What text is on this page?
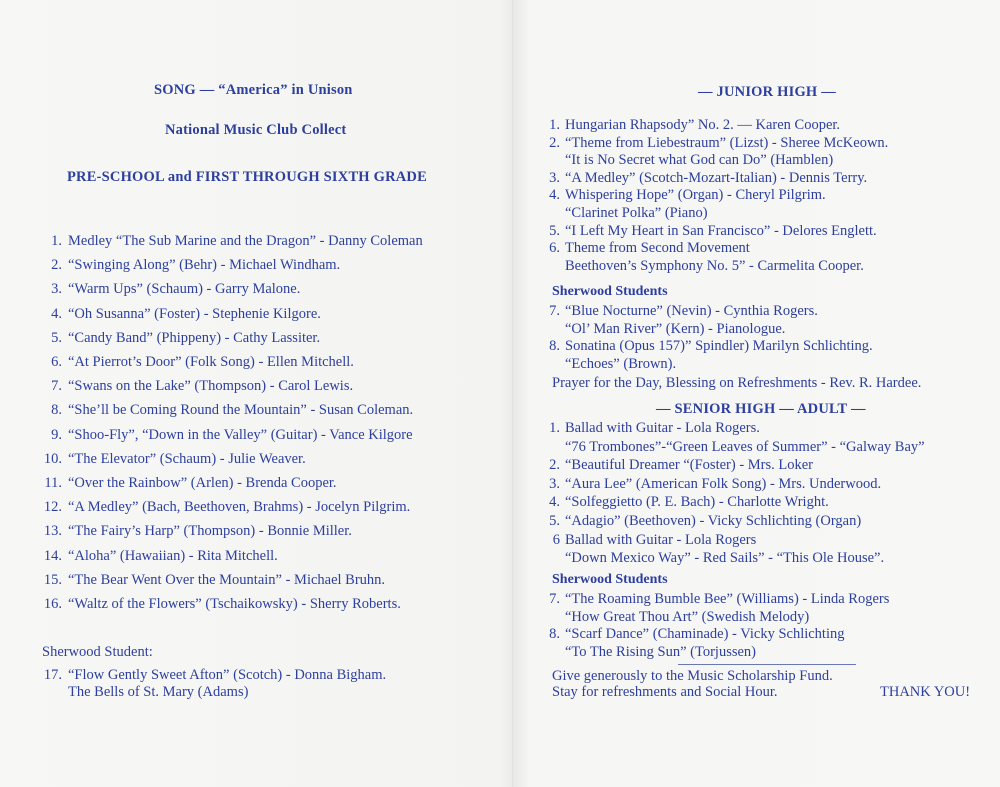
SONG — “America” in Unison
National Music Club Collect
PRE-SCHOOL and FIRST THROUGH SIXTH GRADE
1. Medley “The Sub Marine and the Dragon” - Danny Coleman
2. “Swinging Along” (Behr) - Michael Windham.
3. “Warm Ups” (Schaum) - Garry Malone.
4. “Oh Susanna” (Foster) - Stephenie Kilgore.
5. “Candy Band” (Phippeny) - Cathy Lassiter.
6. “At Pierrot’s Door” (Folk Song) - Ellen Mitchell.
7. “Swans on the Lake” (Thompson) - Carol Lewis.
8. “She’ll be Coming Round the Mountain” - Susan Coleman.
9. “Shoo-Fly”, “Down in the Valley” (Guitar) - Vance Kilgore
10. “The Elevator” (Schaum) - Julie Weaver.
11. “Over the Rainbow” (Arlen) - Brenda Cooper.
12. “A Medley” (Bach, Beethoven, Brahms) - Jocelyn Pilgrim.
13. “The Fairy’s Harp” (Thompson) - Bonnie Miller.
14. “Aloha” (Hawaiian) - Rita Mitchell.
15. “The Bear Went Over the Mountain” - Michael Bruhn.
16. “Waltz of the Flowers” (Tschaikowsky) - Sherry Roberts.
Sherwood Student:
17. “Flow Gently Sweet Afton” (Scotch) - Donna Bigham.
The Bells of St. Mary (Adams)
— JUNIOR HIGH —
1. Hungarian Rhapsody” No. 2. — Karen Cooper.
2. “Theme from Liebestraum” (Lizst) - Sheree McKeown.
“It is No Secret what God can Do” (Hamblen)
3. “A Medley” (Scotch-Mozart-Italian) - Dennis Terry.
4. Whispering Hope” (Organ) - Cheryl Pilgrim.
“Clarinet Polka” (Piano)
5. “I Left My Heart in San Francisco” - Delores Englett.
6. Theme from Second Movement
Beethoven’s Symphony No. 5” - Carmelita Cooper.
Sherwood Students
7. “Blue Nocturne” (Nevin) - Cynthia Rogers.
“Ol’ Man River” (Kern) - Pianologue.
8. Sonatina (Opus 157)” Spindler) Marilyn Schlichting.
“Echoes” (Brown).
Prayer for the Day, Blessing on Refreshments - Rev. R. Hardee.
— SENIOR HIGH — ADULT —
1. Ballad with Guitar - Lola Rogers.
“76 Trombones”-“Green Leaves of Summer” - “Galway Bay”
2. “Beautiful Dreamer “(Foster) - Mrs. Loker
3. “Aura Lee” (American Folk Song) - Mrs. Underwood.
4. “Solfeggietto (P. E. Bach) - Charlotte Wright.
5. “Adagio” (Beethoven) - Vicky Schlichting (Organ)
6 Ballad with Guitar - Lola Rogers
“Down Mexico Way” - Red Sails” - “This Ole House”.
Sherwood Students
7. “The Roaming Bumble Bee” (Williams) - Linda Rogers
“How Great Thou Art” (Swedish Melody)
8. “Scarf Dance” (Chaminade) - Vicky Schlichting
“To The Rising Sun” (Torjussen)
Give generously to the Music Scholarship Fund.
Stay for refreshments and Social Hour.	THANK YOU!
